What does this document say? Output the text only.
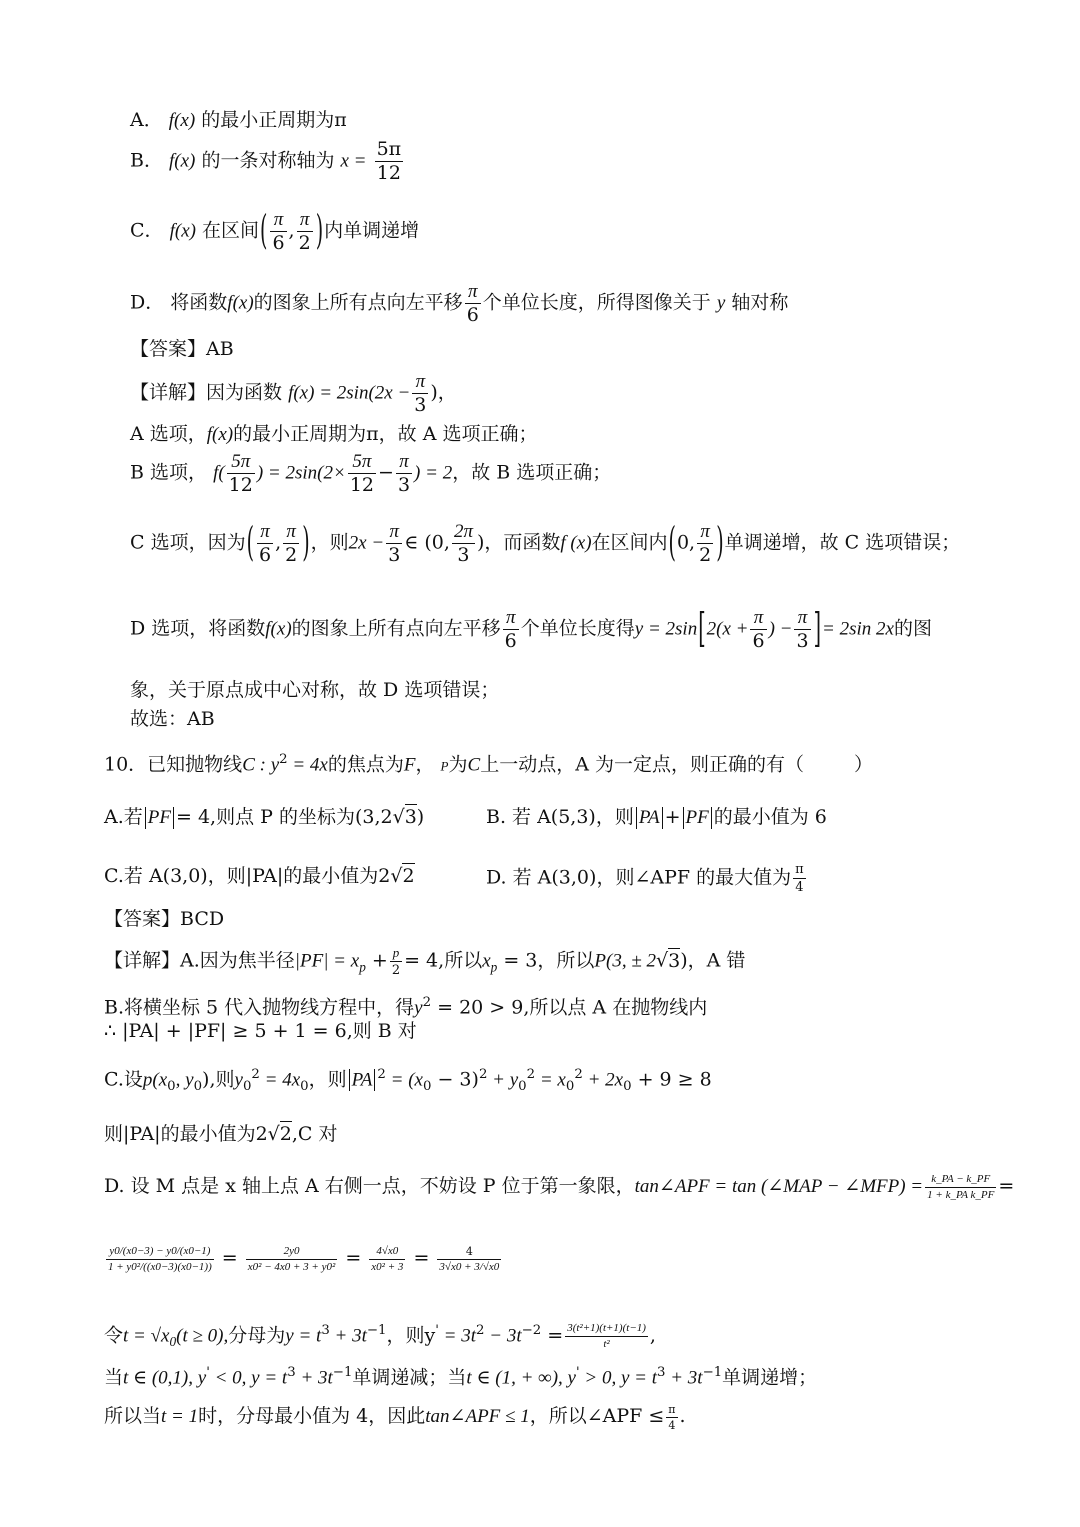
A． f(x) 的最小正周期为π
B． f(x) 的一条对称轴为 $x = \frac{5\pi}{12}$
C． f(x) 在区间( $\frac{\pi}{6}$ , $\frac{\pi}{2}$ )内单调递增
D． 将函数f(x)的图象上所有点向左平移 $\frac{\pi}{6}$ 个单位长度，所得图像关于 y 轴对称
【答案】AB
【详解】因为函数 $f(x) = 2\sin(2x - \frac{\pi}{3}$ )，
A 选项，f(x)的最小正周期为π，故 A 选项正确；
B 选项， $f( \frac{5\pi}{12}$ ) = $2\sin(2\times \frac{5\pi}{12} - \frac{\pi}{3}$ ) = 2，故 B 选项正确；
C 选项，因为( $\frac{\pi}{6}$ , $\frac{\pi}{2}$ )，则$2x - \frac{\pi}{3}$ ∈ (0, $\frac{2\pi}{3}$ )，而函数f (x)在区间内(0, $\frac{\pi}{2}$ )单调递增，故 C 选项错误；
D 选项，将函数f(x)的图象上所有点向左平移 $\frac{\pi}{6}$ 个单位长度得$y = 2\sin[2(x + \frac{\pi}{6}$ ) − $\frac{\pi}{3}$ ]= 2sin 2x的图
象，关于原点成中心对称，故 D 选项错误；
故选：AB
10．已知抛物线C : $y^2 = 4x$的焦点为F， P为C上一动点，A 为一定点，则正确的有（	）
A.若 PF = 4,则点 P 的坐标为(3,2√3)	B. 若 A(5,3)，则 PA + PF 的最小值为 6
C.若 A(3,0)，则|PA|的最小值为2√2	D. 若 A(3,0)，则∠APF 的最大值为 $\frac{\pi}{4}$
【答案】BCD
【详解】A.因为焦半径$|PF| = x_p + \frac{p}{2} = 4$,所以$x_p = 3$，所以P(3, ± 2√3)，A 错
B.将横坐标 5 代入抛物线方程中，得$y^2 = 20 > 9$,所以点 A 在抛物线内
∴ |PA| + |PF| ≥ 5 + 1 = 6,则 B 对
C.设$p(x_0$, $y_0$),则$y_0^2 = 4x_0$，则 PA $^2 = (x_0 - 3)^2 + y_0^2 = x_0^2 + 2x_0 + 9 \ge 8$
则|PA|的最小值为2√2,C 对
D. 设 M 点是 x 轴上点 A 右侧一点，不妨设 P 位于第一象限，tan∠APF = tan (∠MAP − ∠MFP) = $\frac{k\_PA - k\_PF}{\text{1 + k\_PA k\_PF}}$ =
$\frac{y0/(x0-3) - y0/(x0-1)}{\text{1 + y0²/((x0−3)(x0−1))}} = \frac{2y0}{\text{x0² − 4x0 + 3 + y0²}} = \frac{4√x0}{\text{x0² + 3}} = \frac{4}{3√x0 + 3/√x0}$
令$t = √x_0(t \ge 0)$,分母为$y = t^3 + 3t^{-1}$，则$y' = 3t^2 - 3t^{-2} = \frac{\text{3(t²+1)(t+1)(t−1)}}{\text{t²}}$ ,
当t ∈ (0,1), y' < 0, $y = t^3 + 3t^{-1}$单调递减；当t ∈ (1, + ∞), y' > 0, $y = t^3 + 3t^{-1}$单调递增；
所以当t = 1时，分母最小值为 4，因此tan∠APF ≤ 1，所以∠APF ≤ $\frac{\pi}{4}$ .
